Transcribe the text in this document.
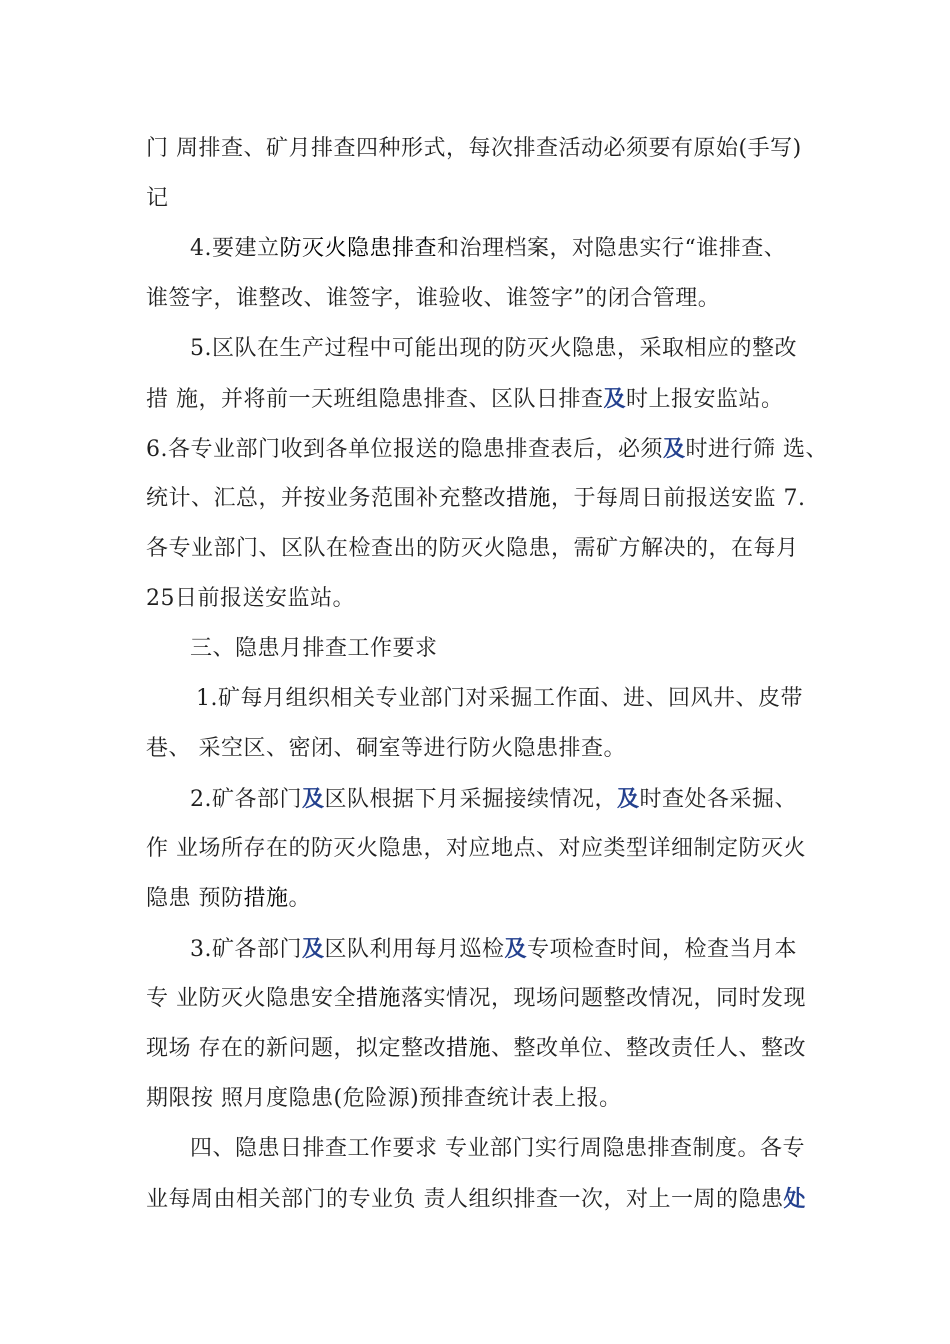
门 周排查、矿月排查四种形式，每次排查活动必须要有原始(手写)
记
4.要建立防灭火隐患排查和治理档案，对隐患实行“谁排查、
谁签字，谁整改、谁签字，谁验收、谁签字”的闭合管理。
5.区队在生产过程中可能出现的防灭火隐患，采取相应的整改
措 施，并将前一天班组隐患排查、区队日排查及时上报安监站。
6.各专业部门收到各单位报送的隐患排查表后，必须及时进行筛 选、
统计、汇总，并按业务范围补充整改措施，于每周日前报送安监 7.
各专业部门、区队在检查出的防灭火隐患，需矿方解决的，在每月
25日前报送安监站。
三、隐患月排查工作要求
1.矿每月组织相关专业部门对采掘工作面、进、回风井、皮带
巷、 采空区、密闭、硐室等进行防火隐患排查。
2.矿各部门及区队根据下月采掘接续情况，及时查处各采掘、
作 业场所存在的防灭火隐患，对应地点、对应类型详细制定防灭火
隐患 预防措施。
3.矿各部门及区队利用每月巡检及专项检查时间，检查当月本
专 业防灭火隐患安全措施落实情况，现场问题整改情况，同时发现
现场 存在的新问题，拟定整改措施、整改单位、整改责任人、整改
期限按 照月度隐患(危险源)预排查统计表上报。
四、隐患日排查工作要求 专业部门实行周隐患排查制度。各专
业每周由相关部门的专业负 责人组织排查一次，对上一周的隐患处
